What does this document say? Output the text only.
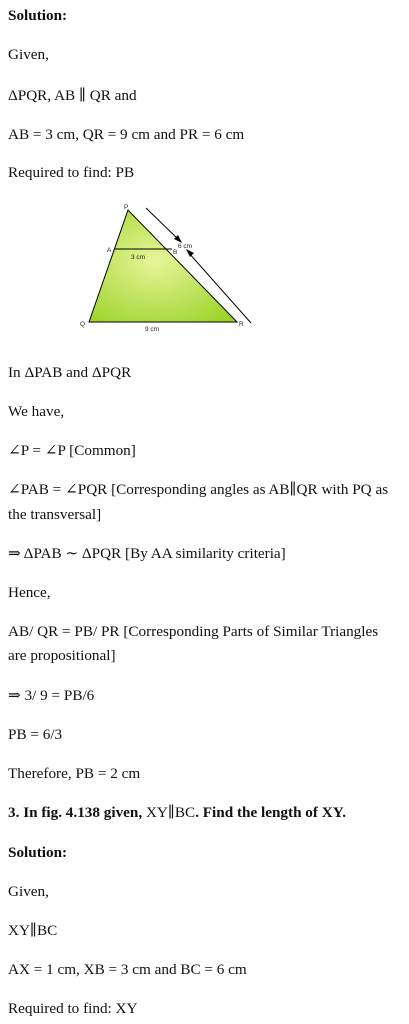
Solution:
Given,
ΔPQR, AB ∥ QR and
AB = 3 cm, QR = 9 cm and PR = 6 cm
Required to find: PB
P
A	B
Q	R
3 cm
6 cm
9 cm
In ΔPAB and ΔPQR
We have,
∠P = ∠P [Common]
∠PAB = ∠PQR [Corresponding angles as AB∥QR with PQ as
the transversal]
⇒ ΔPAB ∼ ΔPQR [By AA similarity criteria]
Hence,
AB/ QR = PB/ PR [Corresponding Parts of Similar Triangles
are propositional]
⇒ 3/ 9 = PB/6
PB = 6/3
Therefore, PB = 2 cm
3. In fig. 4.138 given, XY∥BC. Find the length of XY.
Solution:
Given,
XY∥BC
AX = 1 cm, XB = 3 cm and BC = 6 cm
Required to find: XY
